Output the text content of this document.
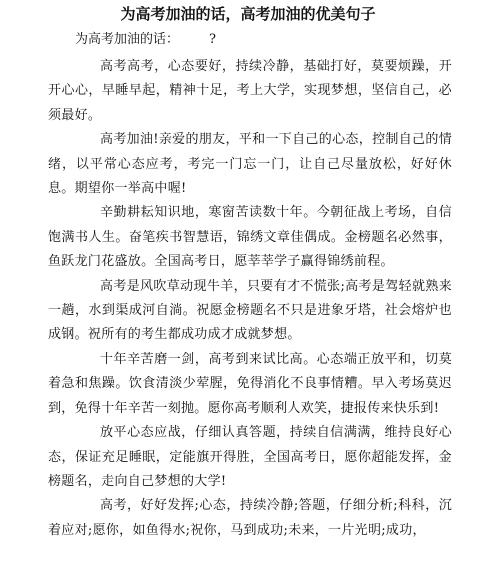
为高考加油的话，高考加油的优美句子

为高考加油的话： ?

高考高考，心态要好，持续冷静，基础打好，莫要烦躁，开开心心，早睡早起，精神十足，考上大学，实现梦想，坚信自己，必须最好。

高考加油!亲爱的朋友，平和一下自己的心态，控制自己的情绪，以平常心态应考，考完一门忘一门，让自己尽量放松，好好休息。期望你一举高中喔!

辛勤耕耘知识地，寒窗苦读数十年。今朝征战上考场，自信饱满书人生。奋笔疾书智慧语，锦绣文章佳偶成。金榜题名必然事，鱼跃龙门花盛放。全国高考日，愿莘莘学子赢得锦绣前程。

高考是风吹草动现牛羊，只要有才不慌张;高考是驾轻就熟来一趟，水到渠成河自淌。祝愿金榜题名不只是进象牙塔，社会熔炉也成钢。祝所有的考生都成功成才成就梦想。

十年辛苦磨一剑，高考到来试比高。心态端正放平和，切莫着急和焦躁。饮食清淡少荤腥，免得消化不良事情糟。早入考场莫迟到，免得十年辛苦一刻抛。愿你高考顺利人欢笑，捷报传来快乐到!

放平心态应战，仔细认真答题，持续自信满满，维持良好心态，保证充足睡眠，定能旗开得胜，全国高考日，愿你超能发挥，金榜题名，走向自己梦想的大学!

高考，好好发挥;心态，持续冷静;答题，仔细分析;科科，沉着应对;愿你，如鱼得水;祝你，马到成功;未来，一片光明;成功，
